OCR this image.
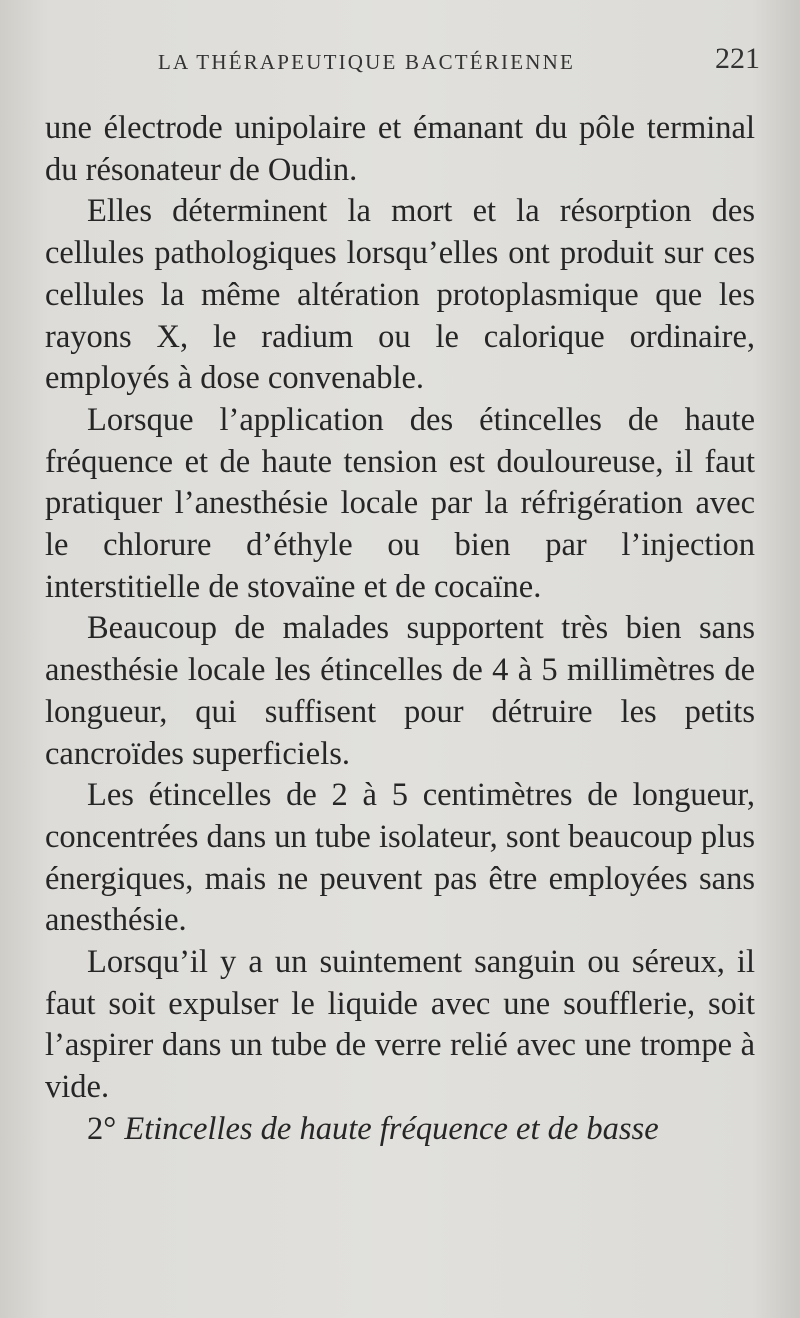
LA THÉRAPEUTIQUE BACTÉRIENNE	221

une électrode unipolaire et émanant du pôle terminal du résonateur de Oudin.

Elles déterminent la mort et la résorption des cellules pathologiques lorsqu’elles ont produit sur ces cellules la même altération protoplasmique que les rayons X, le radium ou le calorique ordinaire, employés à dose convenable.

Lorsque l’application des étincelles de haute fréquence et de haute tension est douloureuse, il faut pratiquer l’anesthésie locale par la réfrigération avec le chlorure d’éthyle ou bien par l’injection interstitielle de stovaïne et de cocaïne.

Beaucoup de malades supportent très bien sans anesthésie locale les étincelles de 4 à 5 millimètres de longueur, qui suffisent pour détruire les petits cancroïdes superficiels.

Les étincelles de 2 à 5 centimètres de longueur, concentrées dans un tube isolateur, sont beaucoup plus énergiques, mais ne peuvent pas être employées sans anesthésie.

Lorsqu’il y a un suintement sanguin ou séreux, il faut soit expulser le liquide avec une soufflerie, soit l’aspirer dans un tube de verre relié avec une trompe à vide.

2° Etincelles de haute fréquence et de basse
